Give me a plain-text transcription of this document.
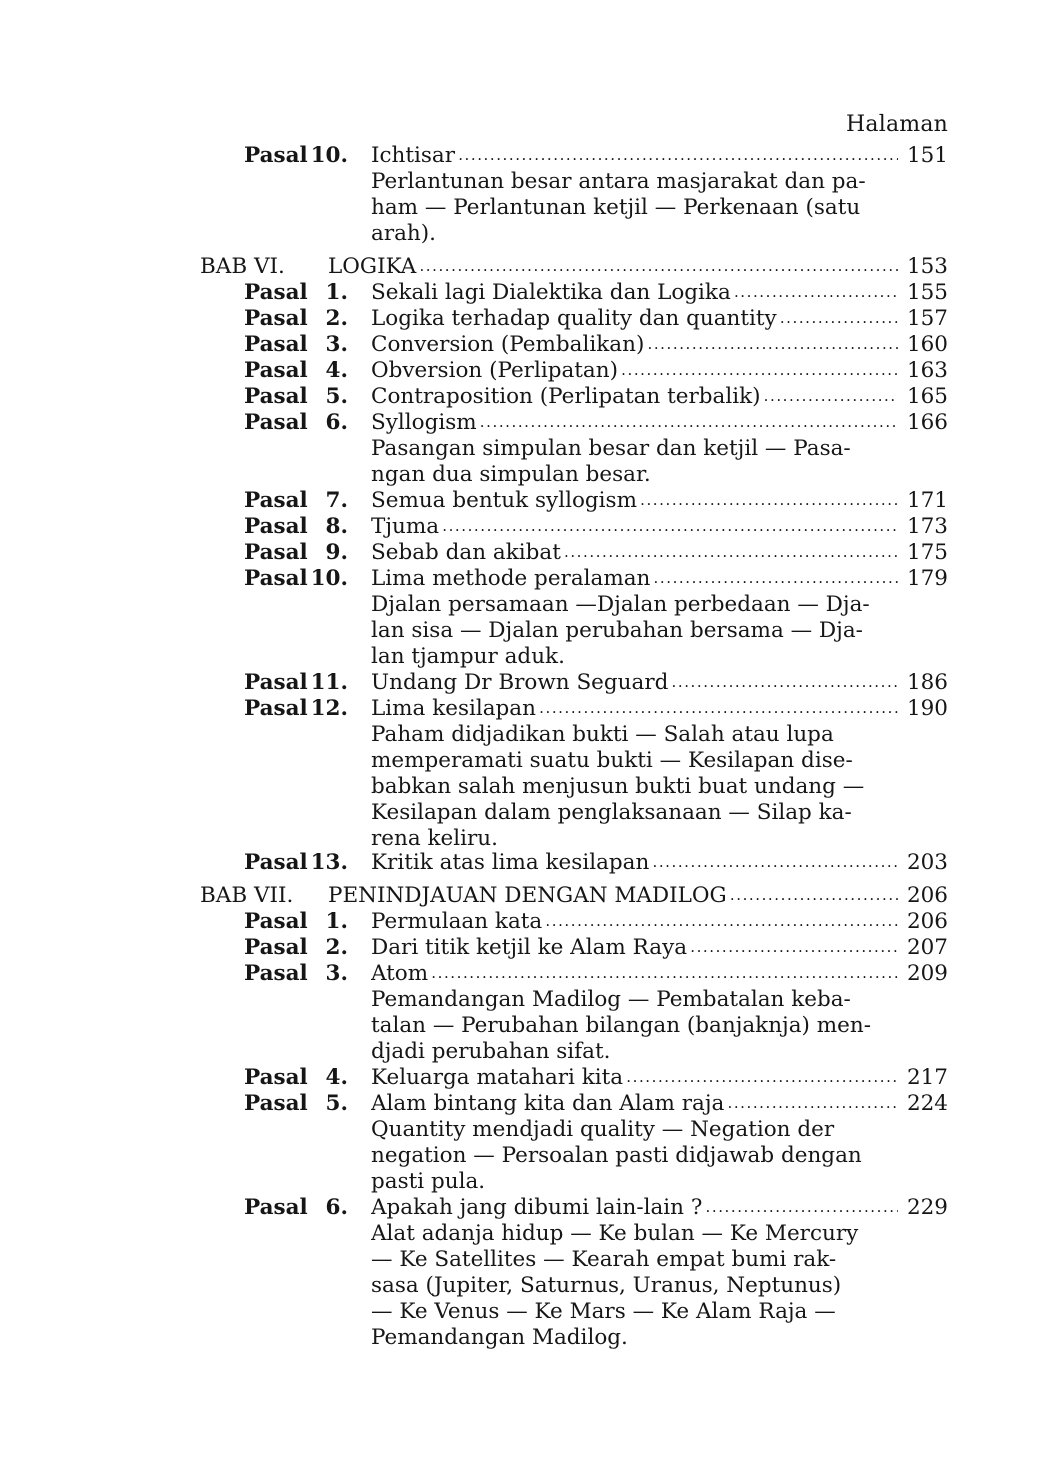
Halaman
Pasal 10. Ichtisar . . .	151
Perlantunan besar antara masjarakat dan pa-
ham — Perlantunan ketjil — Perkenaan (satu
arah).
BAB VI. LOGIKA . . .	153
Pasal 1. Sekali lagi Dialektika dan Logika . . .	155
Pasal 2. Logika terhadap quality dan quantity . . .	157
Pasal 3. Conversion (Pembalikan) . . .	160
Pasal 4. Obversion (Perlipatan) . . .	163
Pasal 5. Contraposition (Perlipatan terbalik) . . .	165
Pasal 6. Syllogism . . .	166
Pasangan simpulan besar dan ketjil — Pasa-
ngan dua simpulan besar.
Pasal 7. Semua bentuk syllogism . . .	171
Pasal 8. Tjuma . . .	173
Pasal 9. Sebab dan akibat . . .	175
Pasal 10. Lima methode peralaman . . .	179
Djalan persamaan —Djalan perbedaan — Dja-
lan sisa — Djalan perubahan bersama — Dja-
lan tjampur aduk.
Pasal 11. Undang Dr Brown Seguard . . .	186
Pasal 12. Lima kesilapan . . .	190
Paham didjadikan bukti — Salah atau lupa
memperamati suatu bukti — Kesilapan dise-
babkan salah menjusun bukti buat undang —
Kesilapan dalam penglaksanaan — Silap ka-
rena keliru.
Pasal 13. Kritik atas lima kesilapan . . .	203
BAB VII. PENINDJAUAN DENGAN MADILOG . . .	206
Pasal 1. Permulaan kata . . .	206
Pasal 2. Dari titik ketjil ke Alam Raya . . .	207
Pasal 3. Atom . . .	209
Pemandangan Madilog — Pembatalan keba-
talan — Perubahan bilangan (banjaknja) men-
djadi perubahan sifat.
Pasal 4. Keluarga matahari kita . . .	217
Pasal 5. Alam bintang kita dan Alam raja . . .	224
Quantity mendjadi quality — Negation der
negation — Persoalan pasti didjawab dengan
pasti pula.
Pasal 6. Apakah jang dibumi lain-lain ? . . .	229
Alat adanja hidup — Ke bulan — Ke Mercury
— Ke Satellites — Kearah empat bumi rak-
sasa (Jupiter, Saturnus, Uranus, Neptunus)
— Ke Venus — Ke Mars — Ke Alam Raja —
Pemandangan Madilog.
